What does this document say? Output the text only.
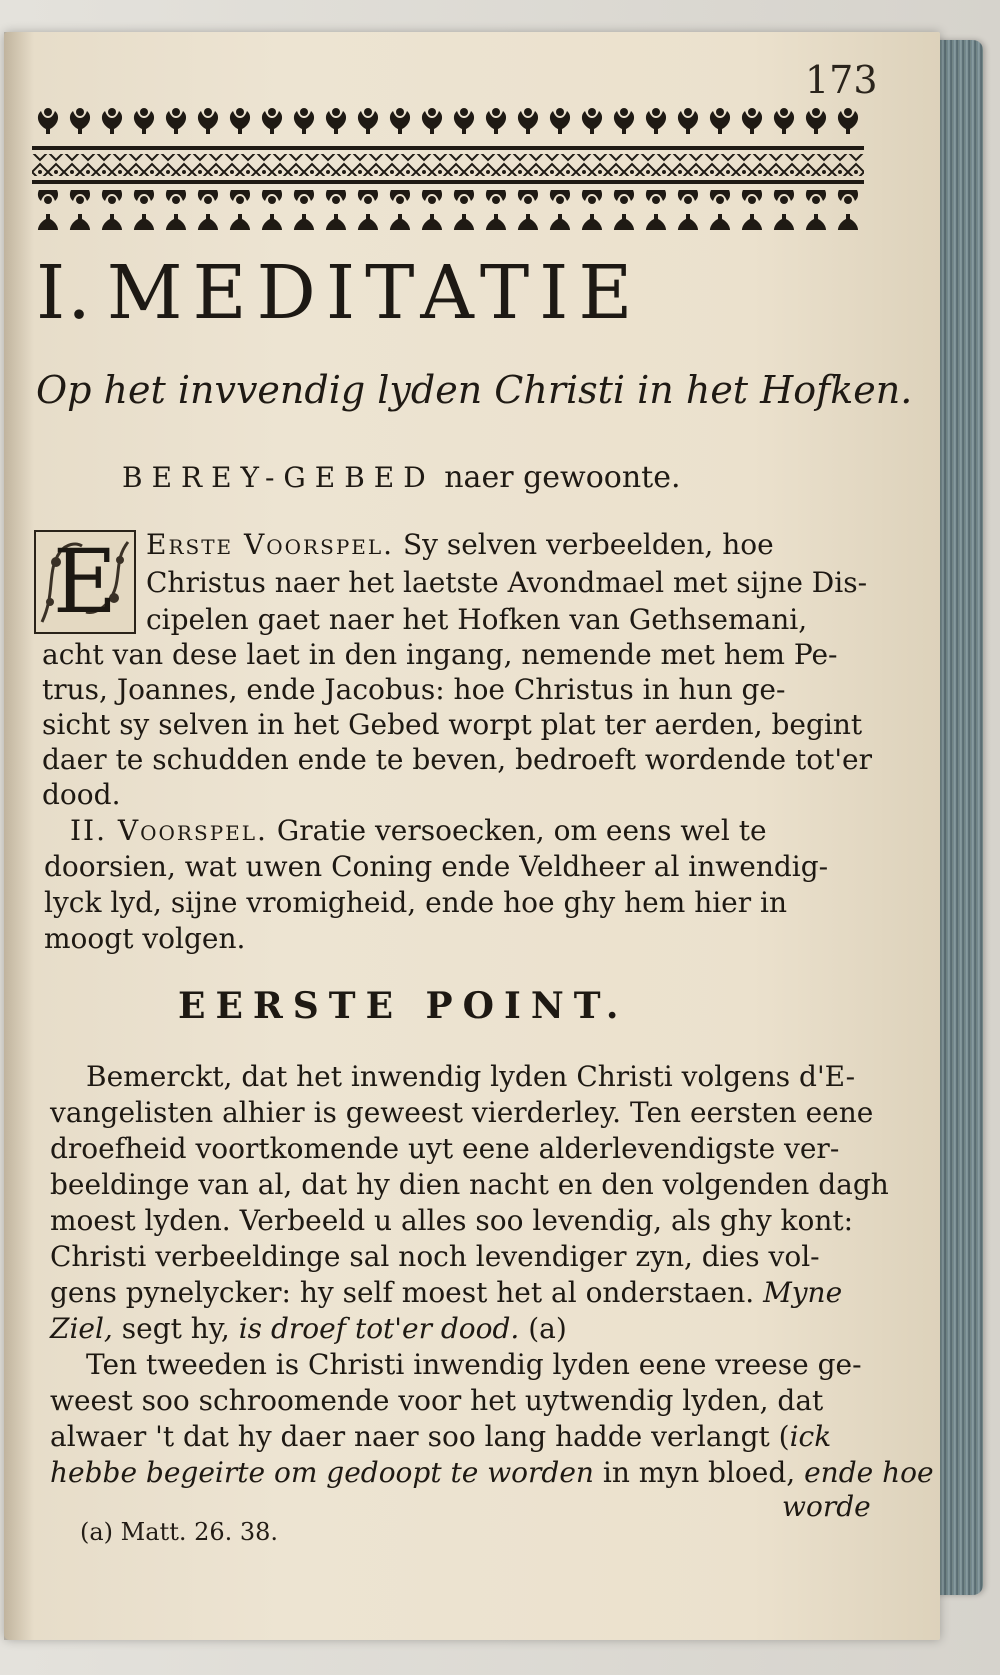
173
I. MEDITATIE
Op het invvendig lyden Christi in het Hofken.
BEREY-GEBED naer gewoonte.
E	Erste Voorspel. Sy selven verbeelden, hoe
Christus naer het laetste Avondmael met sijne Dis-
cipelen gaet naer het Hofken van Gethsemani,
acht van dese laet in den ingang, nemende met hem Pe-
trus, Joannes, ende Jacobus: hoe Christus in hun ge-
sicht sy selven in het Gebed worpt plat ter aerden, begint
daer te schudden ende te beven, bedroeft wordende tot'er
dood.
II. Voorspel. Gratie versoecken, om eens wel te
doorsien, wat uwen Coning ende Veldheer al inwendig-
lyck lyd, sijne vromigheid, ende hoe ghy hem hier in
moogt volgen.
EERSTE POINT.
Bemerckt, dat het inwendig lyden Christi volgens d'E-
vangelisten alhier is geweest vierderley. Ten eersten eene
droefheid voortkomende uyt eene alderlevendigste ver-
beeldinge van al, dat hy dien nacht en den volgenden dagh
moest lyden. Verbeeld u alles soo levendig, als ghy kont:
Christi verbeeldinge sal noch levendiger zyn, dies vol-
gens pynelycker: hy self moest het al onderstaen. Myne
Ziel, segt hy, is droef tot'er dood. (a)
Ten tweeden is Christi inwendig lyden eene vreese ge-
weest soo schroomende voor het uytwendig lyden, dat
alwaer 't dat hy daer naer soo lang hadde verlangt (ick
hebbe begeirte om gedoopt te worden in myn bloed, ende hoe
worde
(a) Matt. 26. 38.
